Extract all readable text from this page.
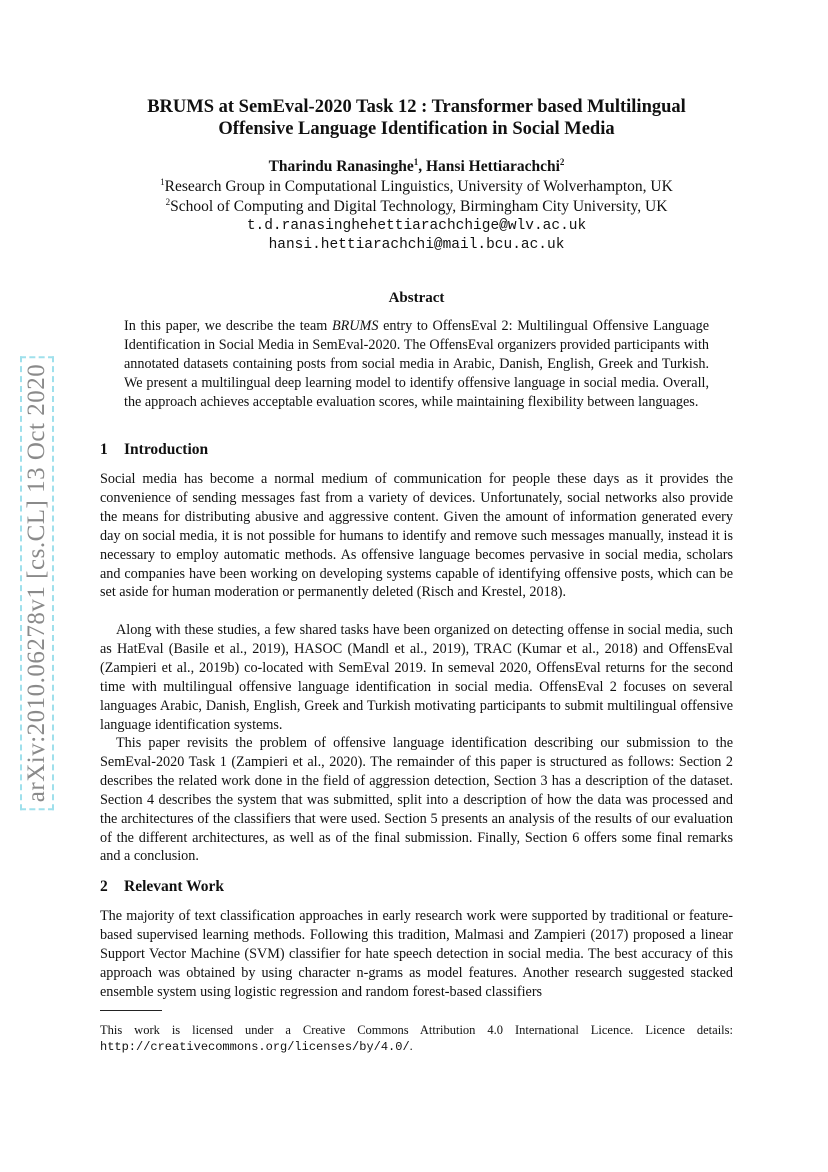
arXiv:2010.06278v1 [cs.CL] 13 Oct 2020
BRUMS at SemEval-2020 Task 12 : Transformer based Multilingual
Offensive Language Identification in Social Media
Tharindu Ranasinghe$^1$, Hansi Hettiarachchi$^2$
$^1$Research Group in Computational Linguistics, University of Wolverhampton, UK
$^2$School of Computing and Digital Technology, Birmingham City University, UK
t.d.ranasinghehettiarachchige@wlv.ac.uk
hansi.hettiarachchi@mail.bcu.ac.uk
Abstract
In this paper, we describe the team BRUMS entry to OffensEval 2: Multilingual Offensive Language Identification in Social Media in SemEval-2020. The OffensEval organizers provided participants with annotated datasets containing posts from social media in Arabic, Danish, English, Greek and Turkish. We present a multilingual deep learning model to identify offensive language in social media. Overall, the approach achieves acceptable evaluation scores, while maintaining flexibility between languages.
1 Introduction
Social media has become a normal medium of communication for people these days as it provides the convenience of sending messages fast from a variety of devices. Unfortunately, social networks also provide the means for distributing abusive and aggressive content. Given the amount of information generated every day on social media, it is not possible for humans to identify and remove such messages manually, instead it is necessary to employ automatic methods. As offensive language becomes pervasive in social media, scholars and companies have been working on developing systems capable of identifying offensive posts, which can be set aside for human moderation or permanently deleted (Risch and Krestel, 2018).
Along with these studies, a few shared tasks have been organized on detecting offense in social media, such as HatEval (Basile et al., 2019), HASOC (Mandl et al., 2019), TRAC (Kumar et al., 2018) and OffensEval (Zampieri et al., 2019b) co-located with SemEval 2019. In semeval 2020, OffensEval returns for the second time with multilingual offensive language identification in social media. OffensEval 2 focuses on several languages Arabic, Danish, English, Greek and Turkish motivating participants to submit multilingual offensive language identification systems.
This paper revisits the problem of offensive language identification describing our submission to the SemEval-2020 Task 1 (Zampieri et al., 2020). The remainder of this paper is structured as follows: Section 2 describes the related work done in the field of aggression detection, Section 3 has a description of the dataset. Section 4 describes the system that was submitted, split into a description of how the data was processed and the architectures of the classifiers that were used. Section 5 presents an analysis of the results of our evaluation of the different architectures, as well as of the final submission. Finally, Section 6 offers some final remarks and a conclusion.
2 Relevant Work
The majority of text classification approaches in early research work were supported by traditional or feature-based supervised learning methods. Following this tradition, Malmasi and Zampieri (2017) proposed a linear Support Vector Machine (SVM) classifier for hate speech detection in social media. The best accuracy of this approach was obtained by using character n-grams as model features. Another research suggested stacked ensemble system using logistic regression and random forest-based classifiers
This work is licensed under a Creative Commons Attribution 4.0 International Licence. Licence details: http://creativecommons.org/licenses/by/4.0/.
